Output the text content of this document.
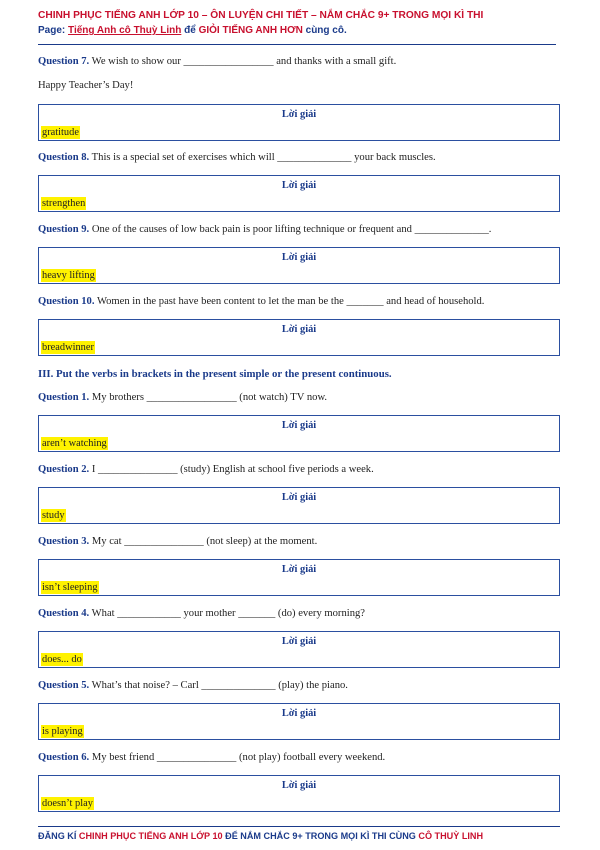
CHINH PHỤC TIẾNG ANH LỚP 10 – ÔN LUYỆN CHI TIẾT – NẮM CHẮC 9+ TRONG MỌI KÌ THI
Page: Tiếng Anh cô Thuỳ Linh để GIỎI TIẾNG ANH HƠN cùng cô.
Question 7. We wish to show our _________________ and thanks with a small gift.
Happy Teacher’s Day!
Lời giải
gratitude
Question 8. This is a special set of exercises which will ______________ your back muscles.
Lời giải
strengthen
Question 9. One of the causes of low back pain is poor lifting technique or frequent and ______________.
Lời giải
heavy lifting
Question 10. Women in the past have been content to let the man be the _______ and head of household.
Lời giải
breadwinner
III. Put the verbs in brackets in the present simple or the present continuous.
Question 1. My brothers _________________ (not watch) TV now.
Lời giải
aren’t watching
Question 2. I _______________ (study) English at school five periods a week.
Lời giải
study
Question 3. My cat _______________ (not sleep) at the moment.
Lời giải
isn’t sleeping
Question 4. What ____________ your mother _______ (do) every morning?
Lời giải
does... do
Question 5. What’s that noise? – Carl ______________ (play) the piano.
Lời giải
is playing
Question 6. My best friend _______________ (not play) football every weekend.
Lời giải
doesn’t play
ĐĂNG KÍ CHINH PHỤC TIẾNG ANH LỚP 10 ĐỂ NẮM CHẮC 9+ TRONG MỌI KÌ THI CÙNG CÔ THUỲ LINH
